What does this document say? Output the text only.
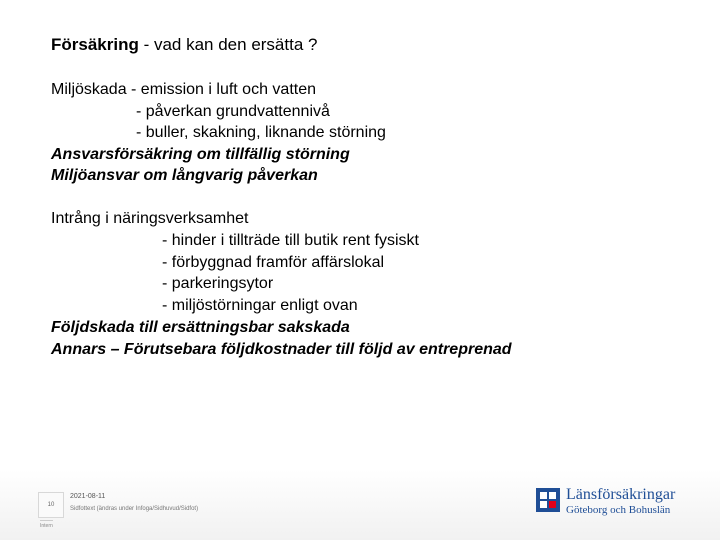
Försäkring - vad kan den ersätta ?
Miljöskada - emission i luft och vatten
- påverkan grundvattennivå
- buller, skakning, liknande störning
Ansvarsförsäkring om tillfällig störning
Miljöansvar om långvarig påverkan
Intrång i näringsverksamhet
- hinder i tillträde till butik rent fysiskt
- förbyggnad framför affärslokal
- parkeringsytor
- miljöstörningar enligt ovan
Följdskada till ersättningsbar sakskada
Annars – Förutsebara följdkostnader till följd av entreprenad
10
Intern
2021-08-11
Sidfottext (ändras under Infoga/Sidhuvud/Sidfot)
Länsförsäkringar
Göteborg och Bohuslän
